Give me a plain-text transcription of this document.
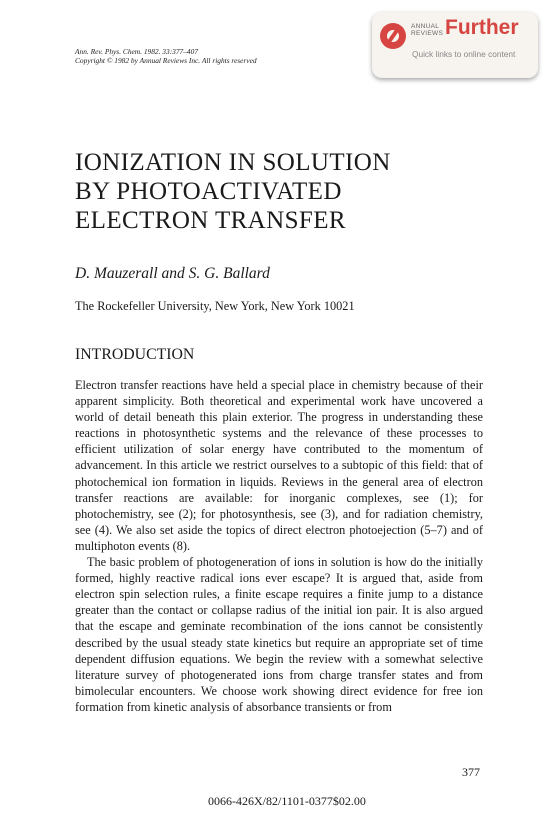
Ann. Rev. Phys. Chem. 1982. 33:377–407
Copyright © 1982 by Annual Reviews Inc. All rights reserved
ANNUAL
REVIEWS Further
Quick links to online content
IONIZATION IN SOLUTION
BY PHOTOACTIVATED
ELECTRON TRANSFER
D. Mauzerall and S. G. Ballard
The Rockefeller University, New York, New York 10021
INTRODUCTION

Electron transfer reactions have held a special place in chemistry because of their apparent simplicity. Both theoretical and experimental work have uncovered a world of detail beneath this plain exterior. The progress in understanding these reactions in photosynthetic systems and the relevance of these processes to efficient utilization of solar energy have contributed to the momentum of advancement. In this article we restrict ourselves to a subtopic of this field: that of photochemical ion formation in liquids. Reviews in the general area of electron transfer reactions are available: for inorganic complexes, see (1); for photochemistry, see (2); for photosynthesis, see (3), and for radiation chemistry, see (4). We also set aside the topics of direct electron photoejection (5–7) and of multiphoton events (8).

The basic problem of photogeneration of ions in solution is how do the initially formed, highly reactive radical ions ever escape? It is argued that, aside from electron spin selection rules, a finite escape requires a finite jump to a distance greater than the contact or collapse radius of the initial ion pair. It is also argued that the escape and geminate recombination of the ions cannot be consistently described by the usual steady state kinetics but require an appropriate set of time dependent diffusion equations. We begin the review with a somewhat selective literature survey of photogenerated ions from charge transfer states and from bimolecular encounters. We choose work showing direct evidence for free ion formation from kinetic analysis of absorbance transients or from

377
0066-426X/82/1101-0377$02.00
